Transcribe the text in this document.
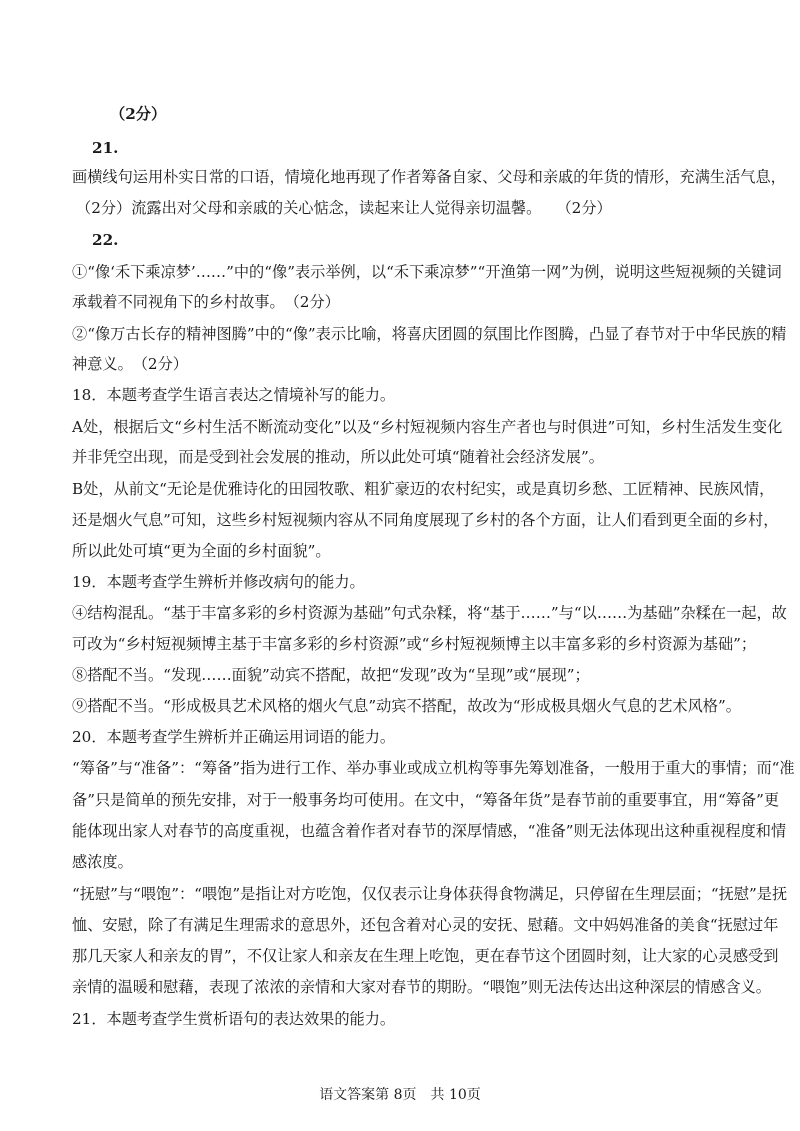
（2分）
21.
画横线句运用朴实日常的口语，情境化地再现了作者筹备自家、父母和亲戚的年货的情形，充满生活气息，
（2分）流露出对父母和亲戚的关心惦念，读起来让人觉得亲切温馨。　　（2分）
22.
①“像‘禾下乘凉梦’……”中的“像”表示举例，以“禾下乘凉梦”“开渔第一网”为例，说明这些短视频的关键词
承载着不同视角下的乡村故事。　（2分）
②“像万古长存的精神图腾”中的“像”表示比喻，将喜庆团圆的氛围比作图腾，凸显了春节对于中华民族的精
神意义。　（2分）
18．本题考查学生语言表达之情境补写的能力。
A处，根据后文“乡村生活不断流动变化”以及“乡村短视频内容生产者也与时俱进”可知，乡村生活发生变化
并非凭空出现，而是受到社会发展的推动，所以此处可填“随着社会经济发展”。
B处，从前文“无论是优雅诗化的田园牧歌、粗犷豪迈的农村纪实，或是真切乡愁、工匠精神、民族风情，
还是烟火气息”可知，这些乡村短视频内容从不同角度展现了乡村的各个方面，让人们看到更全面的乡村，
所以此处可填“更为全面的乡村面貌”。
19．本题考查学生辨析并修改病句的能力。
④结构混乱。“基于丰富多彩的乡村资源为基础”句式杂糅，将“基于……”与“以……为基础”杂糅在一起，故
可改为“乡村短视频博主基于丰富多彩的乡村资源”或“乡村短视频博主以丰富多彩的乡村资源为基础”；
⑧搭配不当。“发现……面貌”动宾不搭配，故把“发现”改为“呈现”或“展现”；
⑨搭配不当。“形成极具艺术风格的烟火气息”动宾不搭配，故改为“形成极具烟火气息的艺术风格”。
20．本题考查学生辨析并正确运用词语的能力。
“筹备”与“准备”：“筹备”指为进行工作、举办事业或成立机构等事先筹划准备，一般用于重大的事情；而“准
备”只是简单的预先安排，对于一般事务均可使用。在文中，“筹备年货”是春节前的重要事宜，用“筹备”更
能体现出家人对春节的高度重视，也蕴含着作者对春节的深厚情感，“准备”则无法体现出这种重视程度和情
感浓度。
“抚慰”与“喂饱”：“喂饱”是指让对方吃饱，仅仅表示让身体获得食物满足，只停留在生理层面；“抚慰”是抚
恤、安慰，除了有满足生理需求的意思外，还包含着对心灵的安抚、慰藉。文中妈妈准备的美食“抚慰过年
那几天家人和亲友的胃”，不仅让家人和亲友在生理上吃饱，更在春节这个团圆时刻，让大家的心灵感受到
亲情的温暖和慰藉，表现了浓浓的亲情和大家对春节的期盼。“喂饱”则无法传达出这种深层的情感含义。
21．本题考查学生赏析语句的表达效果的能力。
语文答案第 8页　共 10页
